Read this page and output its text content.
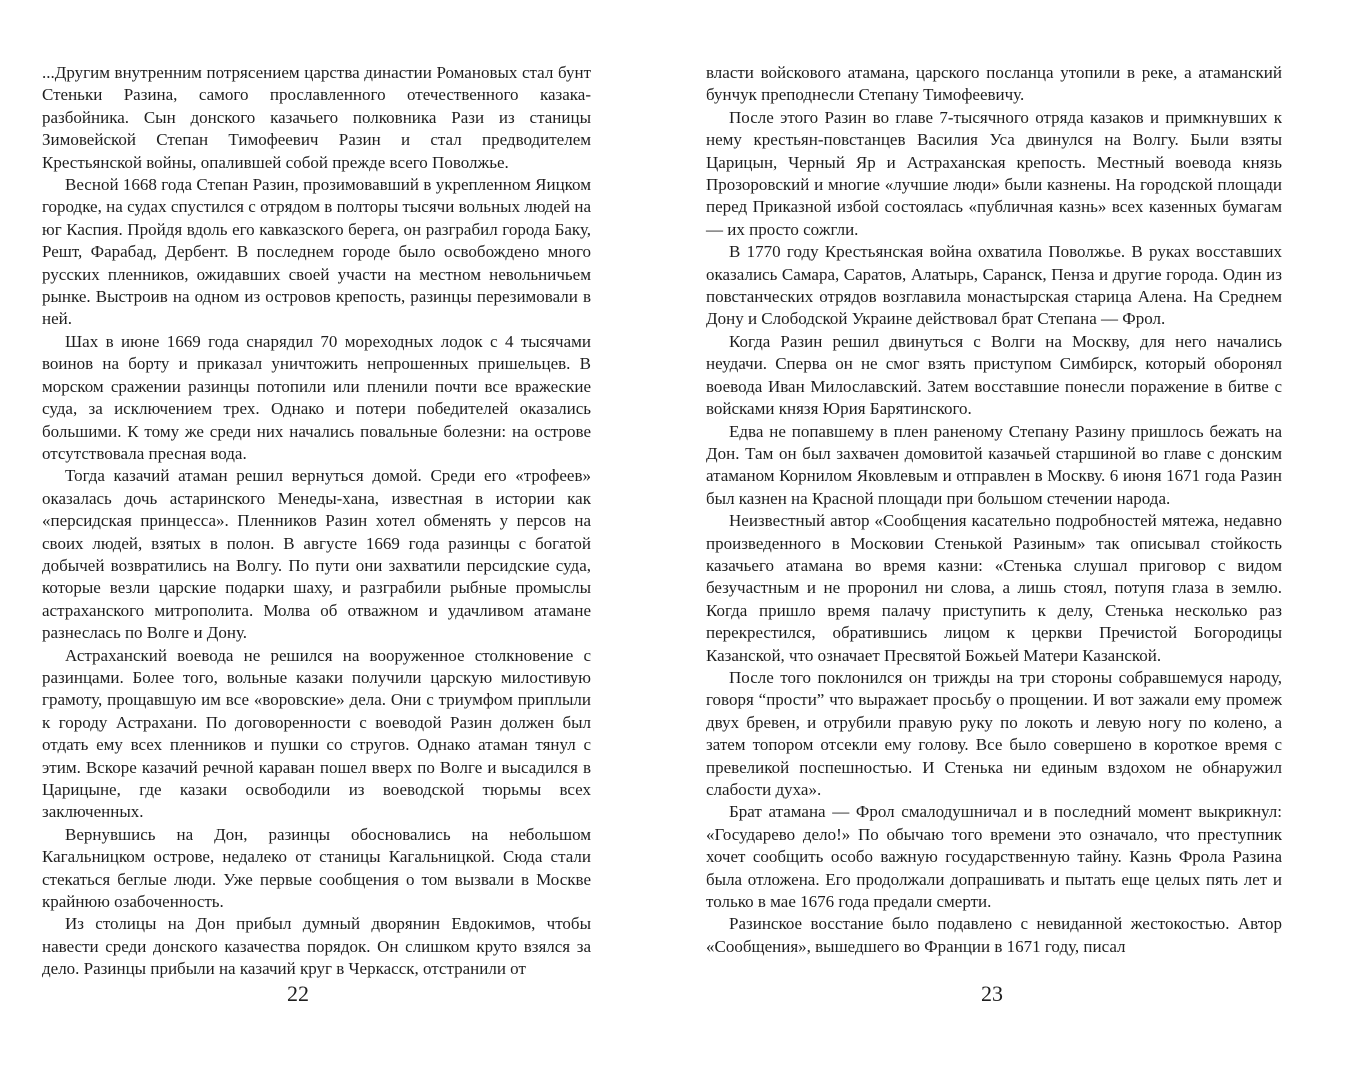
...Другим внутренним потрясением царства династии Романовых стал бунт Стеньки Разина, самого прославленного отечественного казака-разбойника. Сын донского казачьего полковника Рази из станицы Зимовейской Степан Тимофеевич Разин и стал предводителем Крестьянской войны, опалившей собой прежде всего Поволжье.

Весной 1668 года Степан Разин, прозимовавший в укрепленном Яицком городке, на судах спустился с отрядом в полторы тысячи вольных людей на юг Каспия. Пройдя вдоль его кавказского берега, он разграбил города Баку, Решт, Фарабад, Дербент. В последнем городе было освобождено много русских пленников, ожидавших своей участи на местном невольничьем рынке. Выстроив на одном из островов крепость, разинцы перезимовали в ней.

Шах в июне 1669 года снарядил 70 мореходных лодок с 4 тысячами воинов на борту и приказал уничтожить непрошенных пришельцев. В морском сражении разинцы потопили или пленили почти все вражеские суда, за исключением трех. Однако и потери победителей оказались большими. К тому же среди них начались повальные болезни: на острове отсутствовала пресная вода.

Тогда казачий атаман решил вернуться домой. Среди его «трофеев» оказалась дочь астаринского Менеды-хана, известная в истории как «персидская принцесса». Пленников Разин хотел обменять у персов на своих людей, взятых в полон. В августе 1669 года разинцы с богатой добычей возвратились на Волгу. По пути они захватили персидские суда, которые везли царские подарки шаху, и разграбили рыбные промыслы астраханского митрополита. Молва об отважном и удачливом атамане разнеслась по Волге и Дону.

Астраханский воевода не решился на вооруженное столкновение с разинцами. Более того, вольные казаки получили царскую милостивую грамоту, прощавшую им все «воровские» дела. Они с триумфом приплыли к городу Астрахани. По договоренности с воеводой Разин должен был отдать ему всех пленников и пушки со стругов. Однако атаман тянул с этим. Вскоре казачий речной караван пошел вверх по Волге и высадился в Царицыне, где казаки освободили из воеводской тюрьмы всех заключенных.

Вернувшись на Дон, разинцы обосновались на небольшом Кагальницком острове, недалеко от станицы Кагальницкой. Сюда стали стекаться беглые люди. Уже первые сообщения о том вызвали в Москве крайнюю озабоченность.

Из столицы на Дон прибыл думный дворянин Евдокимов, чтобы навести среди донского казачества порядок. Он слишком круто взялся за дело. Разинцы прибыли на казачий круг в Черкасск, отстранили от

власти войскового атамана, царского посланца утопили в реке, а атаманский бунчук преподнесли Степану Тимофеевичу.

После этого Разин во главе 7-тысячного отряда казаков и примкнувших к нему крестьян-повстанцев Василия Уса двинулся на Волгу. Были взяты Царицын, Черный Яр и Астраханская крепость. Местный воевода князь Прозоровский и многие «лучшие люди» были казнены. На городской площади перед Приказной избой состоялась «публичная казнь» всех казенных бумагам — их просто сожгли.

В 1770 году Крестьянская война охватила Поволжье. В руках восставших оказались Самара, Саратов, Алатырь, Саранск, Пенза и другие города. Один из повстанческих отрядов возглавила монастырская старица Алена. На Среднем Дону и Слободской Украине действовал брат Степана — Фрол.

Когда Разин решил двинуться с Волги на Москву, для него начались неудачи. Сперва он не смог взять приступом Симбирск, который оборонял воевода Иван Милославский. Затем восставшие понесли поражение в битве с войсками князя Юрия Барятинского.

Едва не попавшему в плен раненому Степану Разину пришлось бежать на Дон. Там он был захвачен домовитой казачьей старшиной во главе с донским атаманом Корнилом Яковлевым и отправлен в Москву. 6 июня 1671 года Разин был казнен на Красной площади при большом стечении народа.

Неизвестный автор «Сообщения касательно подробностей мятежа, недавно произведенного в Московии Стенькой Разиным» так описывал стойкость казачьего атамана во время казни: «Стенька слушал приговор с видом безучастным и не проронил ни слова, а лишь стоял, потупя глаза в землю. Когда пришло время палачу приступить к делу, Стенька несколько раз перекрестился, обратившись лицом к церкви Пречистой Богородицы Казанской, что означает Пресвятой Божьей Матери Казанской.

После того поклонился он трижды на три стороны собравшемуся народу, говоря “прости” что выражает просьбу о прощении. И вот зажали ему промеж двух бревен, и отрубили правую руку по локоть и левую ногу по колено, а затем топором отсекли ему голову. Все было совершено в короткое время с превеликой поспешностью. И Стенька ни единым вздохом не обнаружил слабости духа».

Брат атамана — Фрол смалодушничал и в последний момент выкрикнул: «Государево дело!» По обычаю того времени это означало, что преступник хочет сообщить особо важную государственную тайну. Казнь Фрола Разина была отложена. Его продолжали допрашивать и пытать еще целых пять лет и только в мае 1676 года предали смерти.

Разинское восстание было подавлено с невиданной жестокостью. Автор «Сообщения», вышедшего во Франции в 1671 году, писал

22	23
